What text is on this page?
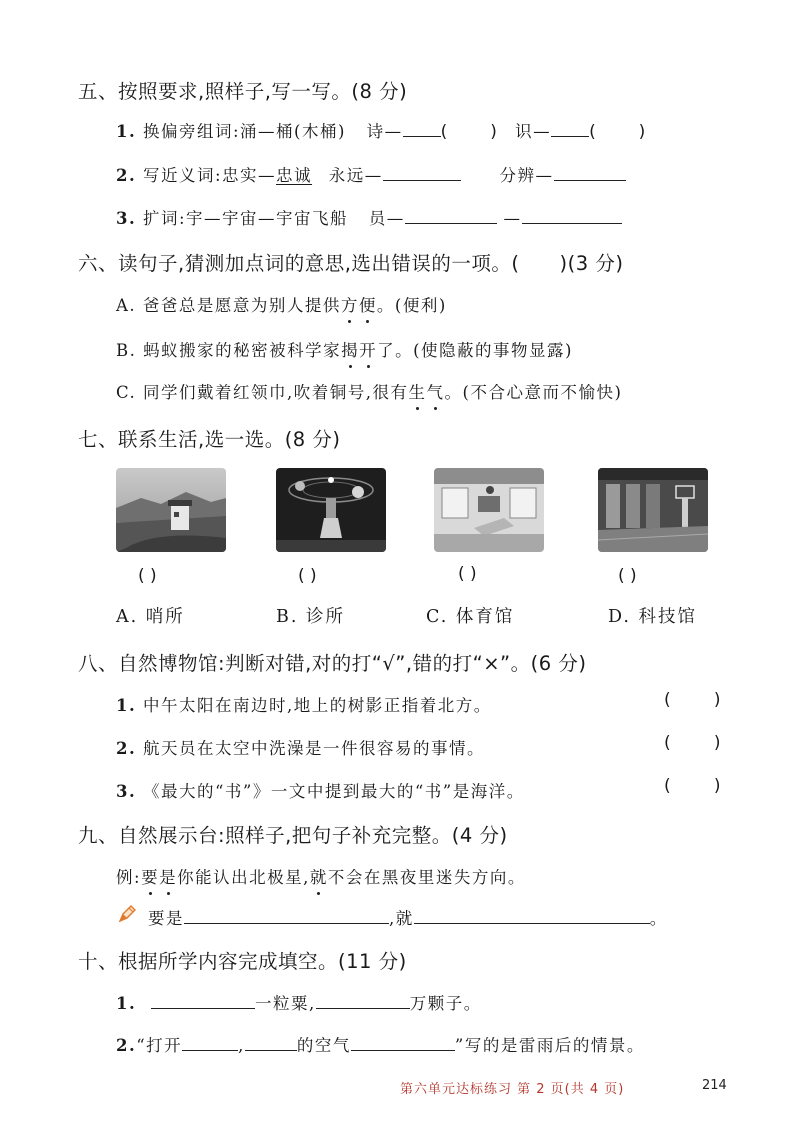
五、按照要求,照样子,写一写。(8 分)
1. 换偏旁组词:涌—桶(木桶) 诗— (      ) 识— (      )
2. 写近义词:忠实—忠诚 永远—	分辨—
3. 扩词:宇—宇宙—宇宙飞船 员—	—
六、读句子,猜测加点词的意思,选出错误的一项。( )(3 分)
A. 爸爸总是愿意为别人提供方便。(便利)
B. 蚂蚁搬家的秘密被科学家揭开了。(使隐蔽的事物显露)
C. 同学们戴着红领巾,吹着铜号,很有生气。(不合心意而不愉快)
七、联系生活,选一选。(8 分)
( )	( )	( )	( )
A. 哨所	B. 诊所	C. 体育馆	D. 科技馆
八、自然博物馆:判断对错,对的打“√”,错的打“×”。(6 分)
1. 中午太阳在南边时,地上的树影正指着北方。	(        )
2. 航天员在太空中洗澡是一件很容易的事情。	(        )
3. 《最大的“书”》一文中提到最大的“书”是海洋。	(        )
九、自然展示台:照样子,把句子补充完整。(4 分)
例:要是你能认出北极星,就不会在黑夜里迷失方向。
要是	,就	。
十、根据所学内容完成填空。(11 分)
1.	一粒粟,	万颗子。
2.“打开	,	的空气	”写的是雷雨后的情景。
第六单元达标练习 第 2 页(共 4 页)	214
